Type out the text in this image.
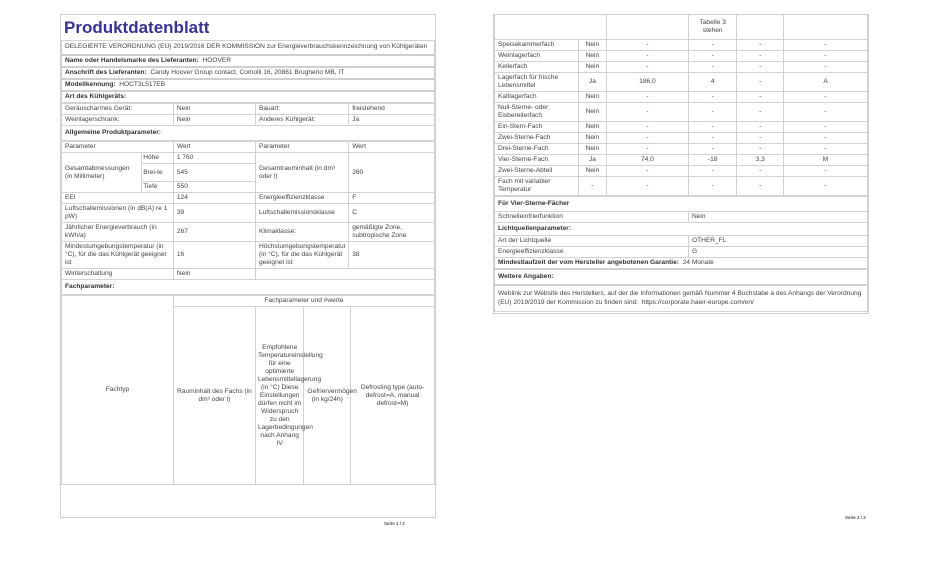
Produktdatenblatt
DELEGIERTE VERORDNUNG (EU) 2019/2016 DER KOMMISSION zur Energieverbrauchskennzeichnung von Kühlgeräten
Name oder Handelsmarke des Lieferanten: HOOVER
Anschrift des Lieferanten: Candy Hoover Group contact, Comolli 16, 20861 Brugherio MB, IT
Modellkennung: HOCT3L517EB
Art des Kühlgeräts:
Geräuscharmes Gerät:	Nein	Bauart:	freistehend
Weinlagerschrank:	Nein	Anderes Kühlgerät:	Ja
Allgemeine Produktparameter:			
Parameter		Wert	Parameter	Wert
Gesamtabmessungen (in Millimeter)	Höhe	1 760	Gesamtrauminhalt (in dm³ oder l)	260
	Brei-te	545		
	Tiefe	550		
EEI		124	Energieeffizienzklasse	F
Luftschallemissionen (in dB(A) re 1 pW)		39	Luftschallemissionsklasse	C
Jährlicher Energieverbrauch (in kWh/a)		267	Klimaklasse:	gemäßigte Zone, subtropische Zone
Mindestumgebungstemperatur (in °C), für die das Kühlgerät geeignet ist		16	Höchstumgebungstemperatur (in °C), für die das Kühlgerät geeignet ist	38
Winterschaltung		Nein		
Fachparameter:				
Fachtyp	Fachparameter und #werte			
	Rauminhalt des Fachs (in dm³ oder l)	Empfohlene Temperatureinstellung für eine optimierte Lebensmittellagerung (in °C) Diese Einstellungen dürfen nicht im Widerspruch zu den Lagerbedingungen nach Anhang IV	Gefriervermögen (in kg/24h)	Defrosting type (auto-defrost=A, manual defrost=M)
Seite 1 / 2
			Tabelle 3 stehen		
Speisekammerfach	Nein	-	-	-	-
Weinlagerfach	Nein	-	-	-	-
Kellerfach	Nein	-	-	-	-
Lagerfach für frische Lebensmittel	Ja	186,0	4	-	A
Kaltlagerfach	Nein	-	-	-	-
Null-Sterne- oder Eisbereiterfach	Nein	-	-	-	-
Ein-Stern-Fach	Nein	-	-	-	-
Zwei-Sterne-Fach	Nein	-	-	-	-
Drei-Sterne-Fach	Nein	-	-	-	-
Vier-Sterne-Fach	Ja	74,0	-18	3,3	M
Zwei-Sterne-Abteil	Nein	-	-	-	-
Fach mit variabler Temperatur	-	-	-	-	-
Für Vier-Sterne-Fächer	
Schnelleinfrierfunktion	Nein
Lichtquellenparameter:	
Art der Lichtquelle	OTHER_FL
Energieeffizienzklasse	G
Mindestlaufzeit der vom Hersteller angebotenen Garantie: 24 Monate	
Weitere Angaben:	
Weblink zur Website des Herstellers, auf der die Informationen gemäß Nummer 4 Buchstabe a des Anhangs der Verordnung (EU) 2019/2019 der Kommission zu finden sind: https://corporate.haier-europe.com/en/	
Seite 2 / 2
